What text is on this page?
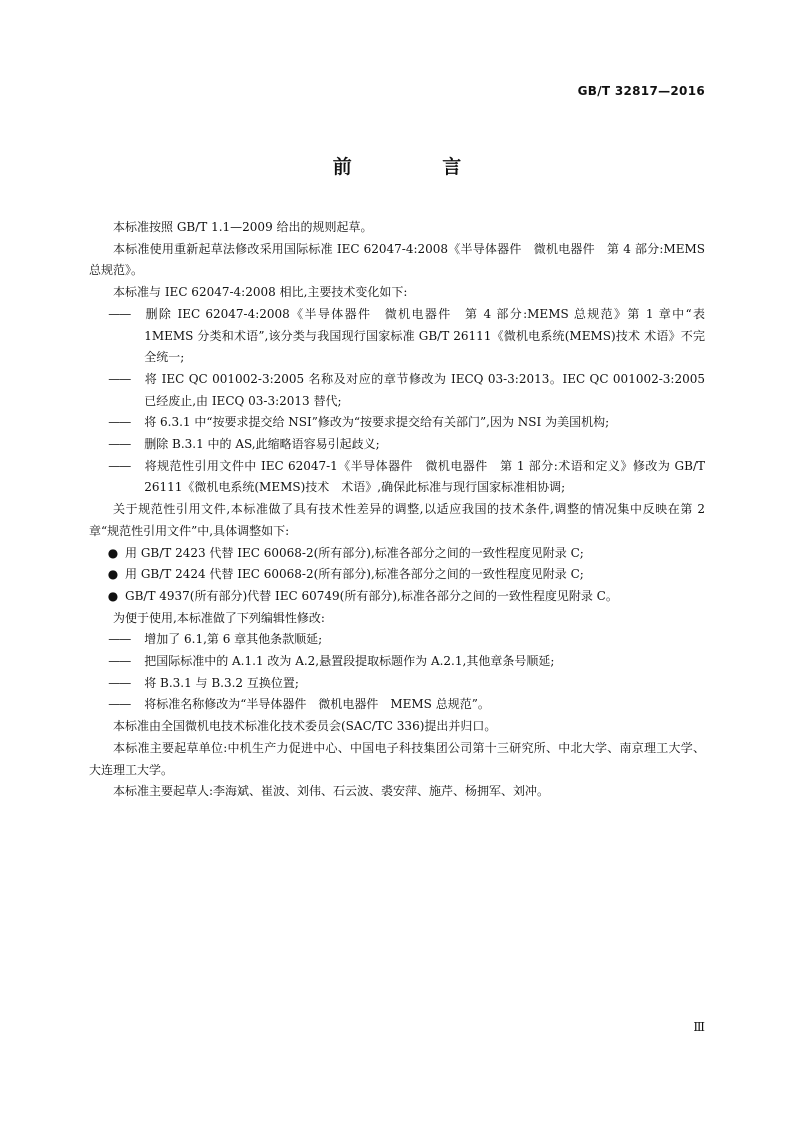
GB/T 32817—2016
前 言

本标准按照 GB/T 1.1—2009 给出的规则起草。

本标准使用重新起草法修改采用国际标准 IEC 62047-4:2008《半导体器件　微机电器件　第 4 部分:MEMS 总规范》。

本标准与 IEC 62047-4:2008 相比,主要技术变化如下:

—— 删除 IEC 62047-4:2008《半导体器件　微机电器件　第 4 部分:MEMS 总规范》第 1 章中“表 1MEMS 分类和术语”,该分类与我国现行国家标准 GB/T 26111《微机电系统(MEMS)技术 术语》不完全统一;

—— 将 IEC QC 001002-3:2005 名称及对应的章节修改为 IECQ 03-3:2013。IEC QC 001002-3:2005 已经废止,由 IECQ 03-3:2013 替代;

—— 将 6.3.1 中“按要求提交给 NSI”修改为“按要求提交给有关部门”,因为 NSI 为美国机构;

—— 删除 B.3.1 中的 AS,此缩略语容易引起歧义;

—— 将规范性引用文件中 IEC 62047-1《半导体器件　微机电器件　第 1 部分:术语和定义》修改为 GB/T 26111《微机电系统(MEMS)技术　术语》,确保此标准与现行国家标准相协调;

关于规范性引用文件,本标准做了具有技术性差异的调整,以适应我国的技术条件,调整的情况集中反映在第 2 章“规范性引用文件”中,具体调整如下:

● 用 GB/T 2423 代替 IEC 60068-2(所有部分),标准各部分之间的一致性程度见附录 C;

● 用 GB/T 2424 代替 IEC 60068-2(所有部分),标准各部分之间的一致性程度见附录 C;

● GB/T 4937(所有部分)代替 IEC 60749(所有部分),标准各部分之间的一致性程度见附录 C。

为便于使用,本标准做了下列编辑性修改:

—— 增加了 6.1,第 6 章其他条款顺延;

—— 把国际标准中的 A.1.1 改为 A.2,悬置段提取标题作为 A.2.1,其他章条号顺延;

—— 将 B.3.1 与 B.3.2 互换位置;

—— 将标准名称修改为“半导体器件　微机电器件　MEMS 总规范”。

本标准由全国微机电技术标准化技术委员会(SAC/TC 336)提出并归口。

本标准主要起草单位:中机生产力促进中心、中国电子科技集团公司第十三研究所、中北大学、南京理工大学、大连理工大学。

本标准主要起草人:李海斌、崔波、刘伟、石云波、裘安萍、施芹、杨拥军、刘冲。

Ⅲ
